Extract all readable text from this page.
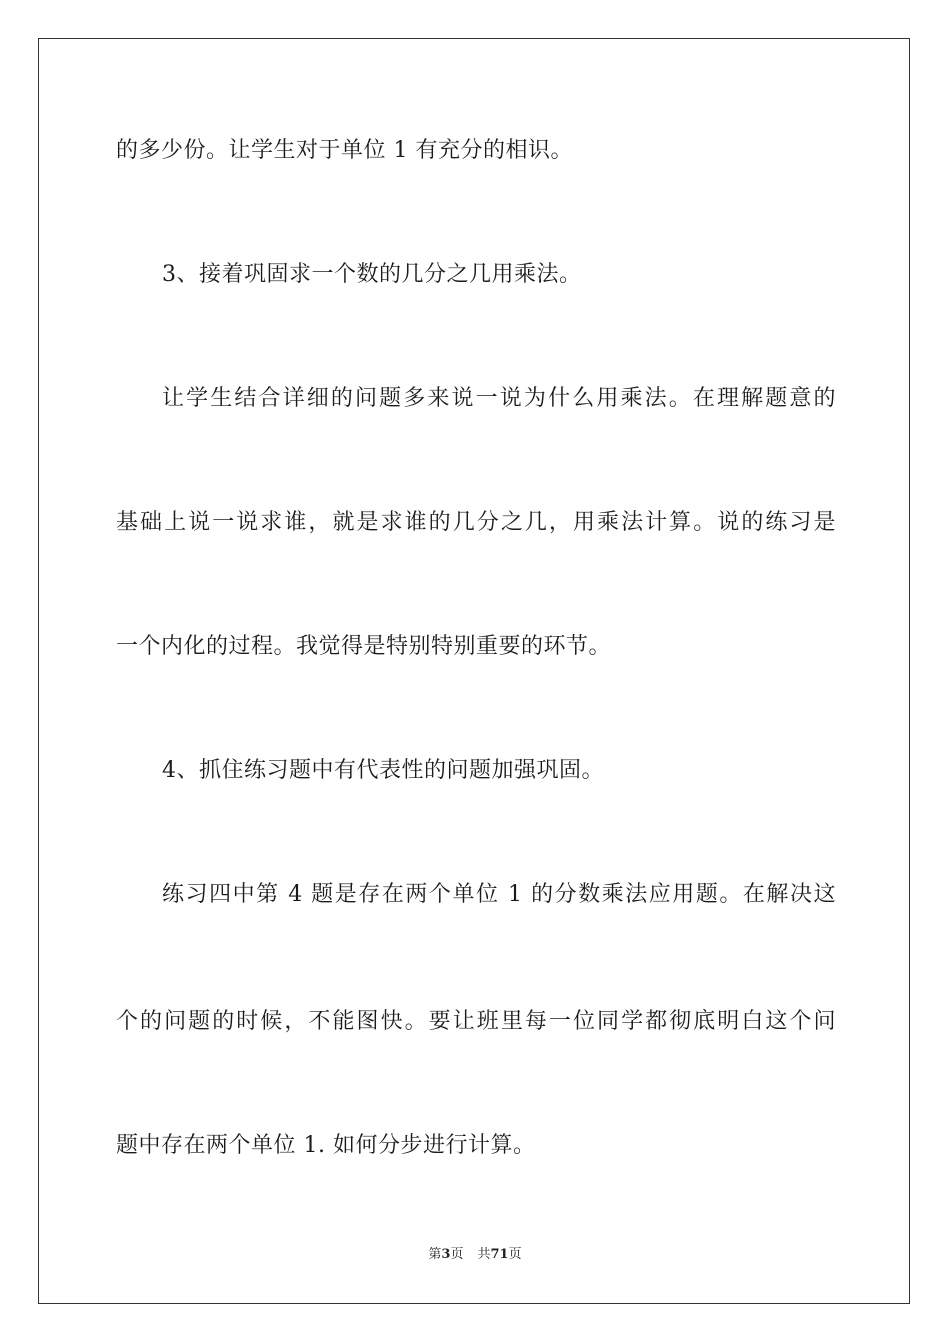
的多少份。让学生对于单位 1 有充分的相识。
3、接着巩固求一个数的几分之几用乘法。
让学生结合详细的问题多来说一说为什么用乘法。在理解题意的
基础上说一说求谁，就是求谁的几分之几，用乘法计算。说的练习是
一个内化的过程。我觉得是特别特别重要的环节。
4、抓住练习题中有代表性的问题加强巩固。
练习四中第 4 题是存在两个单位 1 的分数乘法应用题。在解决这
个的问题的时候，不能图快。要让班里每一位同学都彻底明白这个问
题中存在两个单位 1. 如何分步进行计算。
第3页 共71页
